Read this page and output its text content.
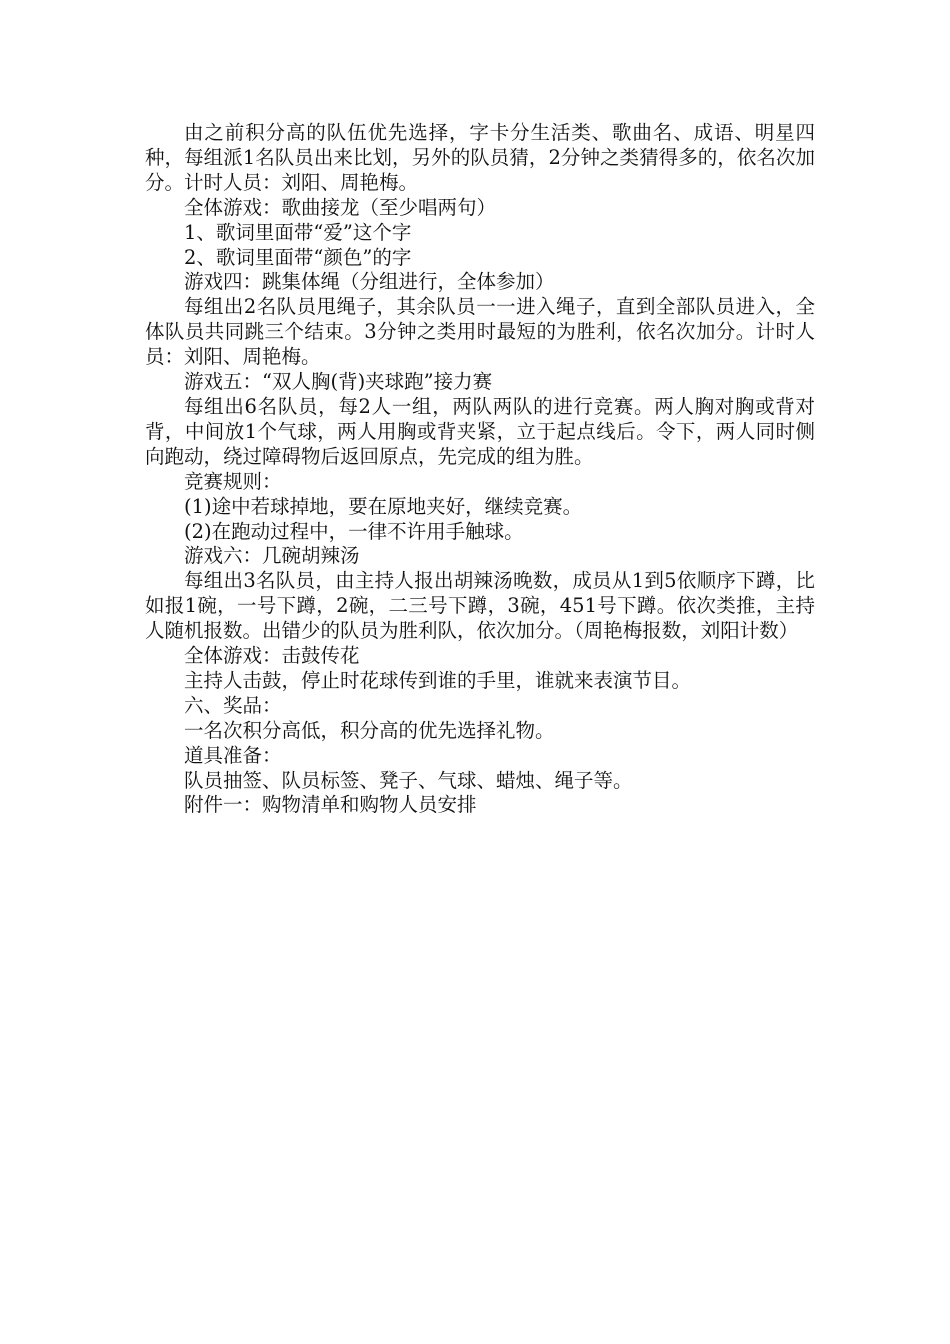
由之前积分高的队伍优先选择，字卡分生活类、歌曲名、成语、明星四种，每组派1名队员出来比划，另外的队员猜，2分钟之类猜得多的，依名次加分。计时人员：刘阳、周艳梅。

全体游戏：歌曲接龙（至少唱两句）

1、歌词里面带“爱”这个字

2、歌词里面带“颜色”的字

游戏四：跳集体绳（分组进行，全体参加）

每组出2名队员甩绳子，其余队员一一进入绳子，直到全部队员进入，全体队员共同跳三个结束。3分钟之类用时最短的为胜利，依名次加分。计时人员：刘阳、周艳梅。

游戏五：“双人胸(背)夹球跑”接力赛

每组出6名队员，每2人一组，两队两队的进行竞赛。两人胸对胸或背对背，中间放1个气球，两人用胸或背夹紧，立于起点线后。令下，两人同时侧向跑动，绕过障碍物后返回原点，先完成的组为胜。

竞赛规则：

(1)途中若球掉地，要在原地夹好，继续竞赛。

(2)在跑动过程中，一律不许用手触球。

游戏六：几碗胡辣汤

每组出3名队员，由主持人报出胡辣汤晚数，成员从1到5依顺序下蹲，比如报1碗，一号下蹲，2碗，二三号下蹲，3碗，451号下蹲。依次类推，主持人随机报数。出错少的队员为胜利队，依次加分。（周艳梅报数，刘阳计数）

全体游戏：击鼓传花

主持人击鼓，停止时花球传到谁的手里，谁就来表演节目。

六、奖品：

一名次积分高低，积分高的优先选择礼物。

道具准备：

队员抽签、队员标签、凳子、气球、蜡烛、绳子等。

附件一：购物清单和购物人员安排
